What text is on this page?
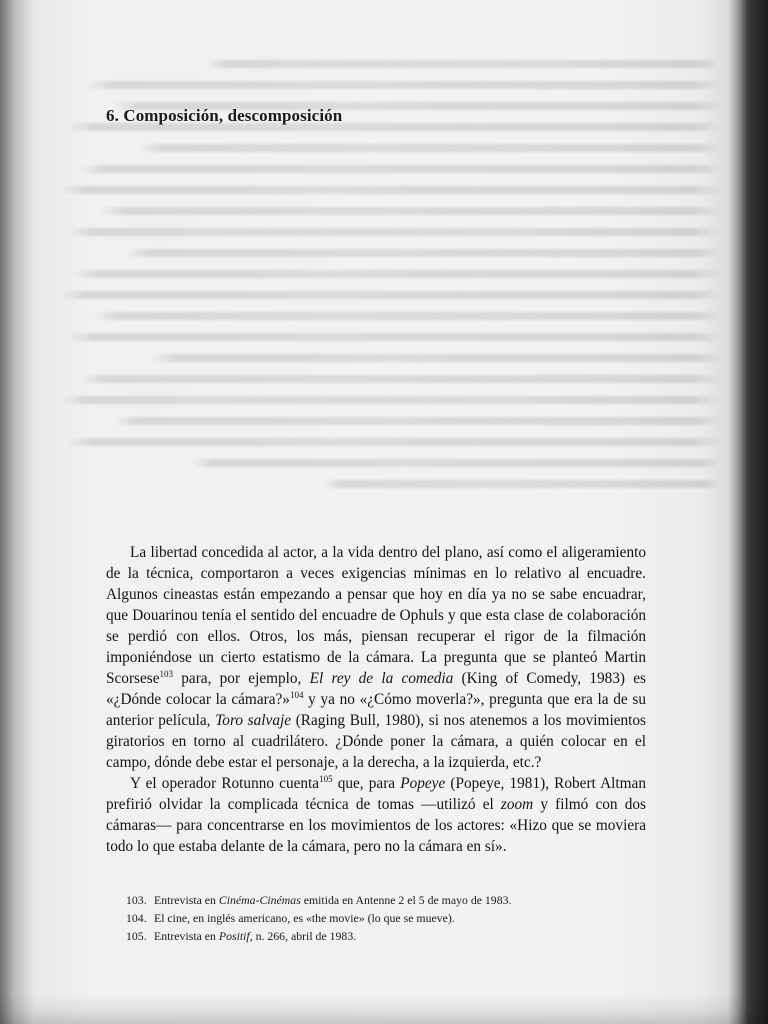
6. Composición, descomposición

La libertad concedida al actor, a la vida dentro del plano, así como el aligeramiento de la técnica, comportaron a veces exigencias mínimas en lo relativo al encuadre. Algunos cineastas están empezando a pensar que hoy en día ya no se sabe encuadrar, que Douarinou tenía el sentido del encuadre de Ophuls y que esta clase de colaboración se perdió con ellos. Otros, los más, piensan recuperar el rigor de la filmación imponiéndose un cierto estatismo de la cámara. La pregunta que se planteó Martin Scorsese$^{103}$ para, por ejemplo, El rey de la comedia (King of Comedy, 1983) es «¿Dónde colocar la cámara?»$^{104}$ y ya no «¿Cómo moverla?», pregunta que era la de su anterior película, Toro salvaje (Raging Bull, 1980), si nos atenemos a los movimientos giratorios en torno al cuadrilátero. ¿Dónde poner la cámara, a quién colocar en el campo, dónde debe estar el personaje, a la derecha, a la izquierda, etc.?

Y el operador Rotunno cuenta$^{105}$ que, para Popeye (Popeye, 1981), Robert Altman prefirió olvidar la complicada técnica de tomas —utilizó el zoom y filmó con dos cámaras— para concentrarse en los movimientos de los actores: «Hizo que se moviera todo lo que estaba delante de la cámara, pero no la cámara en sí».

103. Entrevista en Cinéma-Cinémas emitida en Antenne 2 el 5 de mayo de 1983.
104. El cine, en inglés americano, es «the movie» (lo que se mueve).
105. Entrevista en Positif, n. 266, abril de 1983.
